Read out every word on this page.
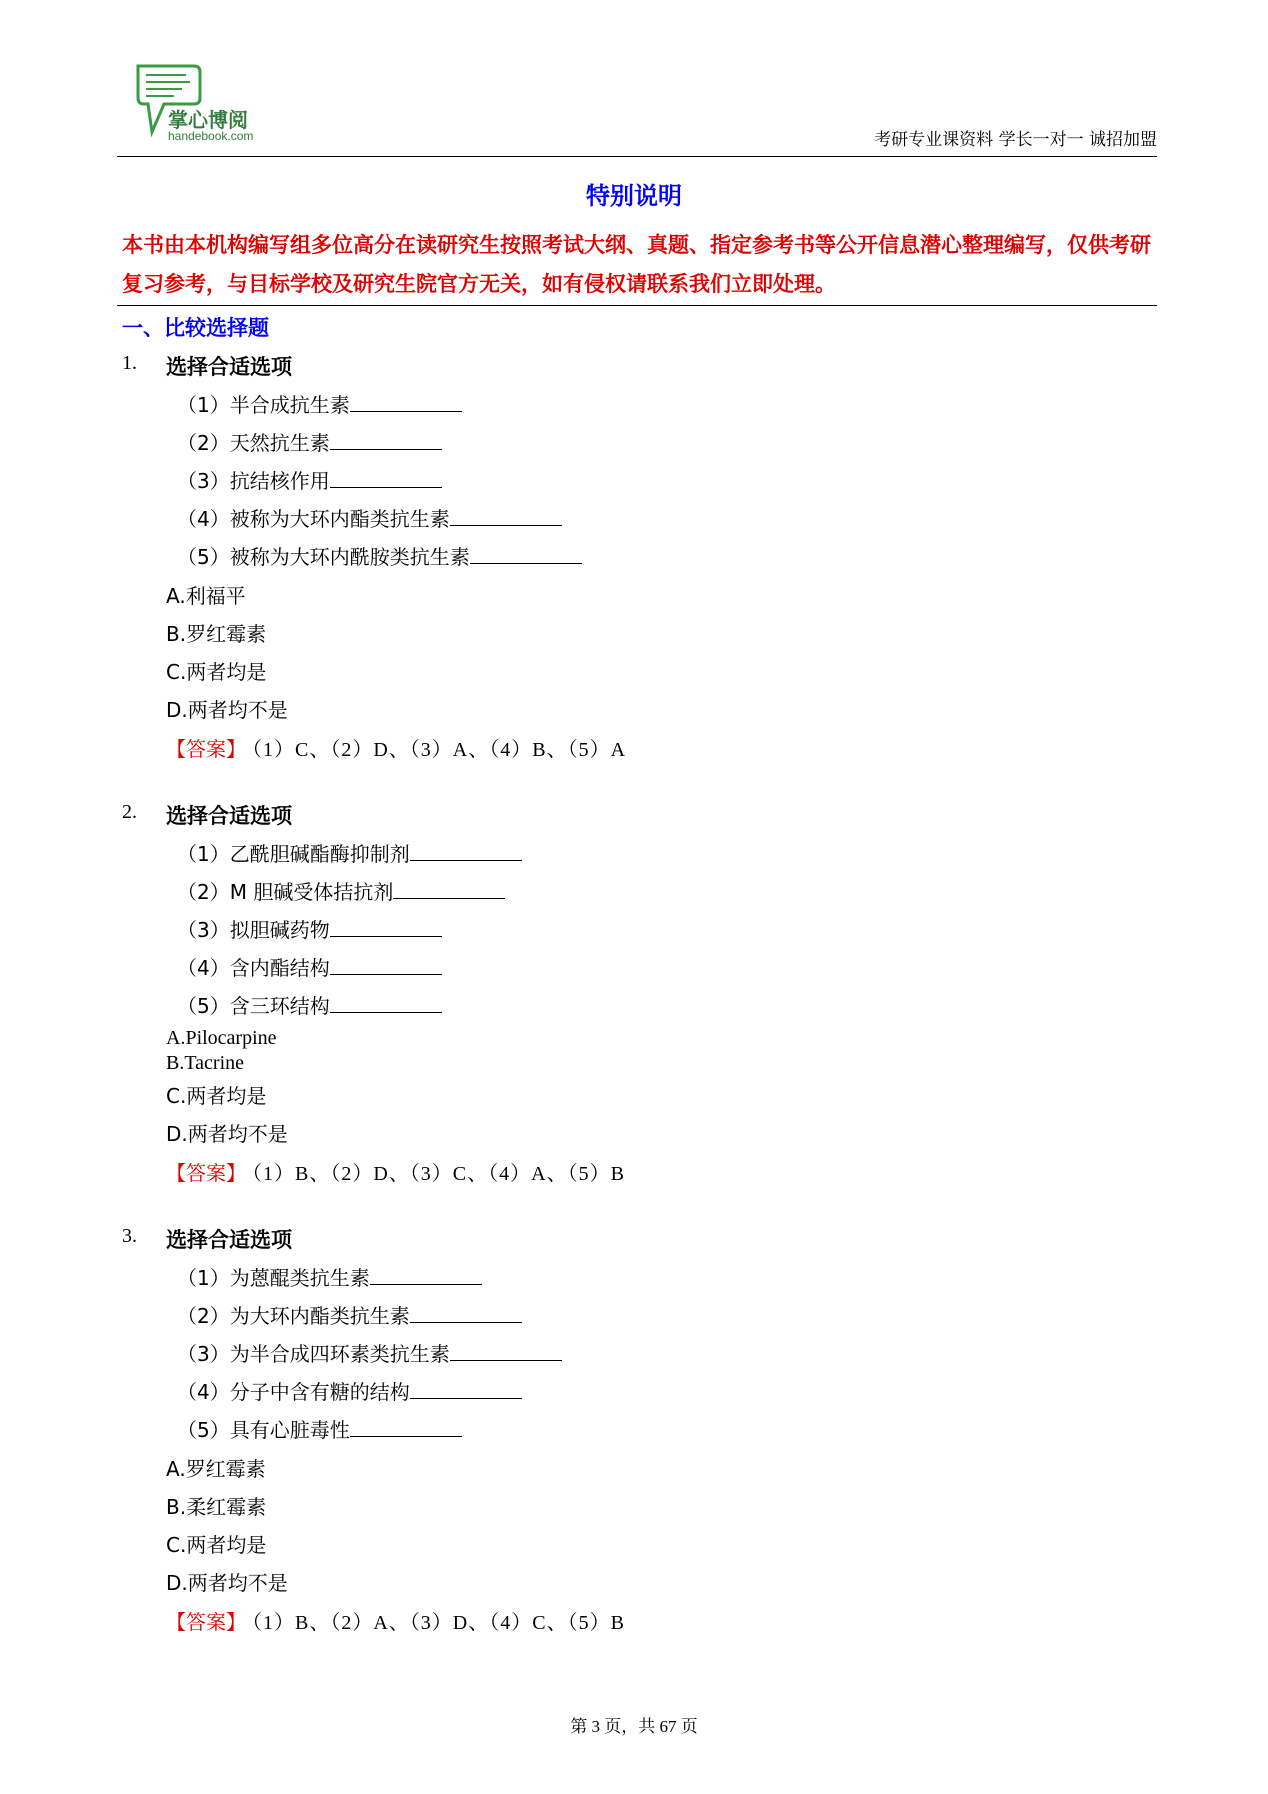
掌心博阅
handebook.com	考研专业课资料 学长一对一 诚招加盟
特别说明
本书由本机构编写组多位高分在读研究生按照考试大纲、真题、指定参考书等公开信息潜心整理编写，仅供考研复习参考，与目标学校及研究生院官方无关，如有侵权请联系我们立即处理。
一、比较选择题
1. 选择合适选项
（1）半合成抗生素
（2）天然抗生素
（3）抗结核作用
（4）被称为大环内酯类抗生素
（5）被称为大环内酰胺类抗生素
A.利福平
B.罗红霉素
C.两者均是
D.两者均不是
【答案】 （1）C、（2）D、（3）A、（4）B、（5）A
2. 选择合适选项
（1）乙酰胆碱酯酶抑制剂
（2）M 胆碱受体拮抗剂
（3）拟胆碱药物
（4）含内酯结构
（5）含三环结构
A.Pilocarpine
B.Tacrine
C.两者均是
D.两者均不是
【答案】 （1）B、（2）D、（3）C、（4）A、（5）B
3. 选择合适选项
（1）为蒽醌类抗生素
（2）为大环内酯类抗生素
（3）为半合成四环素类抗生素
（4）分子中含有糖的结构
（5）具有心脏毒性
A.罗红霉素
B.柔红霉素
C.两者均是
D.两者均不是
【答案】 （1）B、（2）A、（3）D、（4）C、（5）B
第 3 页，共 67 页
